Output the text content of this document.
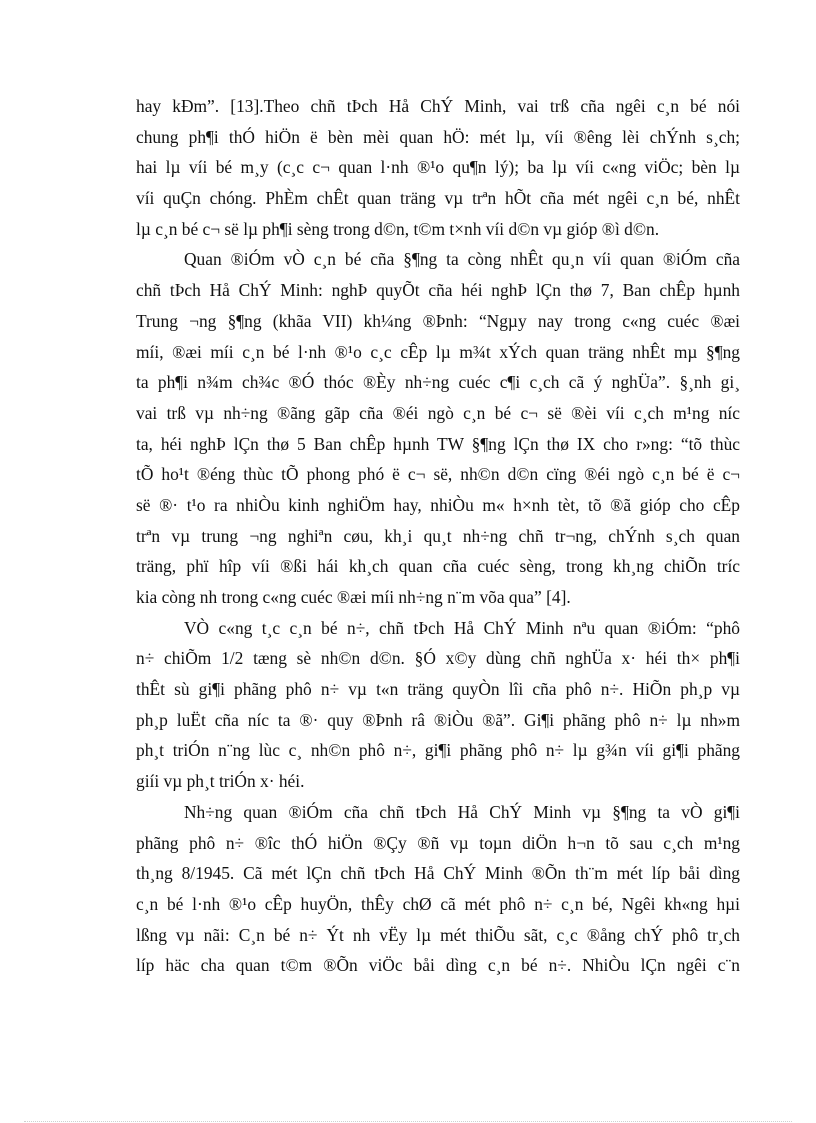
hay kĐm”. [13].Theo chñ tÞch Hå ChÝ Minh, vai trß cña ngêi c¸n bé nói
chung ph¶i thÓ hiÖn ë bèn mèi quan hÖ: mét lµ, víi ®êng lèi chÝnh s¸ch;
hai lµ víi bé m¸y (c¸c c¬ quan l·nh ®¹o qu¶n lý); ba lµ víi c«ng viÖc; bèn lµ
víi quÇn chóng. PhÈm chÊt quan träng vµ trªn hÕt cña mét ngêi c¸n bé, nhÊt
lµ c¸n bé c¬ së lµ ph¶i sèng trong d©n, t©m t×nh víi d©n vµ gióp ®ì d©n.
Quan ®iÓm vÒ c¸n bé cña §¶ng ta còng nhÊt qu¸n víi quan ®iÓm cña
chñ tÞch Hå ChÝ Minh: nghÞ quyÕt cña héi nghÞ lÇn thø 7, Ban chÊp hµnh
Trung ¬ng §¶ng (khãa VII) kh¼ng ®Þnh: “Ngµy nay trong c«ng cuéc ®æi
míi, ®æi míi c¸n bé l·nh ®¹o c¸c cÊp lµ m¾t xÝch quan träng nhÊt mµ §¶ng
ta ph¶i n¾m ch¾c ®Ó thóc ®Èy nh÷ng cuéc c¶i c¸ch cã ý nghÜa”. §¸nh gi¸
vai trß vµ nh÷ng ®ãng gãp cña ®éi ngò c¸n bé c¬ së ®èi víi c¸ch m¹ng níc
ta, héi nghÞ lÇn thø 5 Ban chÊp hµnh TW §¶ng lÇn thø IX cho r»ng: “tõ thùc
tÕ ho¹t ®éng thùc tÕ phong phó ë c¬ së, nh©n d©n cïng ®éi ngò c¸n bé ë c¬
së ®· t¹o ra nhiÒu kinh nghiÖm hay, nhiÒu m« h×nh tèt, tõ ®ã gióp cho cÊp
trªn vµ trung ¬ng nghiªn cøu, kh¸i qu¸t nh÷ng chñ tr¬ng, chÝnh s¸ch quan
träng, phï hîp víi ®ßi hái kh¸ch quan cña cuéc sèng, trong kh¸ng chiÕn tríc
kia còng nh trong c«ng cuéc ®æi míi nh÷ng n¨m võa qua” [4].
VÒ c«ng t¸c c¸n bé n÷, chñ tÞch Hå ChÝ Minh nªu quan ®iÓm: “phô
n÷ chiÕm 1/2 tæng sè nh©n d©n. §Ó x©y dùng chñ nghÜa x· héi th× ph¶i
thÊt sù gi¶i phãng phô n÷ vµ t«n träng quyÒn lîi cña phô n÷. HiÕn ph¸p vµ
ph¸p luËt cña níc ta ®· quy ®Þnh râ ®iÒu ®ã”. Gi¶i phãng phô n÷ lµ nh»m
ph¸t triÓn n¨ng lùc c¸ nh©n phô n÷, gi¶i phãng phô n÷ lµ g¾n víi gi¶i phãng
giíi vµ ph¸t triÓn x· héi.
Nh÷ng quan ®iÓm cña chñ tÞch Hå ChÝ Minh vµ §¶ng ta vÒ gi¶i
phãng phô n÷ ®îc thÓ hiÖn ®Çy ®ñ vµ toµn diÖn h¬n tõ sau c¸ch m¹ng
th¸ng 8/1945. Cã mét lÇn chñ tÞch Hå ChÝ Minh ®Õn th¨m mét líp båi dìng
c¸n bé l·nh ®¹o cÊp huyÖn, thÊy chØ cã mét phô n÷ c¸n bé, Ngêi kh«ng hµi
lßng vµ nãi: C¸n bé n÷ Ýt nh vËy lµ mét thiÕu sãt, c¸c ®ång chÝ phô tr¸ch
líp häc cha quan t©m ®Õn viÖc båi dìng c¸n bé n÷. NhiÒu lÇn ngêi c¨n
